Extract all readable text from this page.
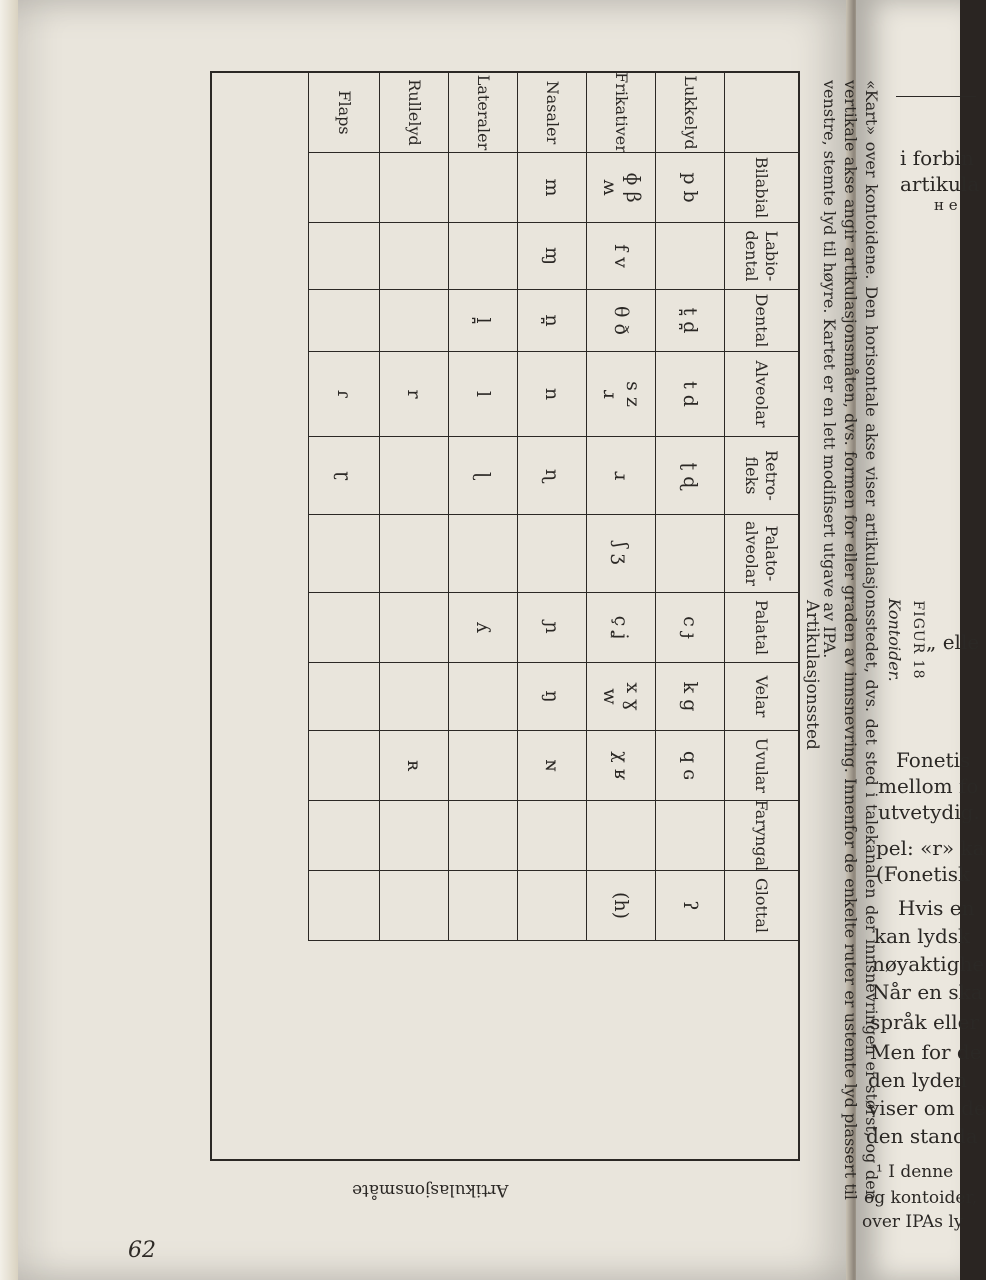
i forbin
artikula
ʜ e
„ elle
Fonetis
mellom fo
utvetydig.
pel: «r» ka
(Fonetisk
Hvis en
kan lydsk
nøyaktighe
Når en ska
språk eller
Men for de
den lyden
viser om de
den standa
¹ I denne
og kontoider,
over IPAs ly
62
Bilabial
Labio-
dental
Dental
Alveolar
Retro-
fleks
Palato-
alveolar
Palatal
Velar
Uvular
Faryngal
Glottal
Lukkelyd
p b
t̪ d̪
t d
ʈ ɖ
c ɟ
k g
q ɢ
ʔ
Frikativer
ɸ β
ʍ
f v
θ ð
s z
ɹ
ɹ
ʃ ʒ
ç ʝ
x ɣ
w
χ ʁ
(h)
Nasaler
m
ɱ
n̪
n
ɳ
ɲ
ŋ
ɴ
Lateraler
l̪
l
ɭ
ʎ
Rullelyd
r
ʀ
Flaps
ɾ
ɽ
Artikulasjonssted
Artikulasjonsmåte
FIGUR 18
Kontoider.
«Kart» over kontoidene. Den horisontale akse viser artikulasjonsstedet, dvs. det sted i talekanalen der innsnevringen er størst, og den vertikale akse angir artikulasjonsmåten, dvs. formen for eller graden av innsnevring. Innenfor de enkelte ruter er ustemte lyd plassert til venstre, stemte lyd til høyre. Kartet er en lett modifisert utgave av IPA.
